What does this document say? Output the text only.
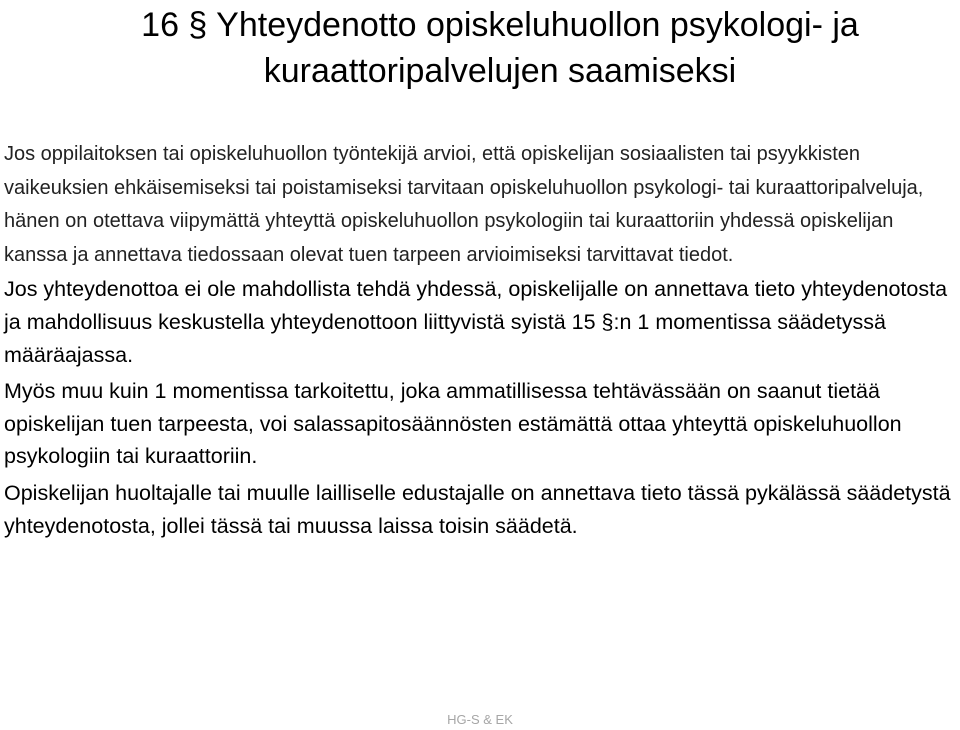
16 § Yhteydenotto opiskeluhuollon psykologi- ja
kuraattoripalvelujen saamiseksi

Jos oppilaitoksen tai opiskeluhuollon työntekijä arvioi, että opiskelijan sosiaalisten tai psyykkisten vaikeuksien ehkäisemiseksi tai poistamiseksi tarvitaan opiskeluhuollon psykologi- tai kuraattoripalveluja, hänen on otettava viipymättä yhteyttä opiskeluhuollon psykologiin tai kuraattoriin yhdessä opiskelijan kanssa ja annettava tiedossaan olevat tuen tarpeen arvioimiseksi tarvittavat tiedot.

Jos yhteydenottoa ei ole mahdollista tehdä yhdessä, opiskelijalle on annettava tieto yhteydenotosta ja mahdollisuus keskustella yhteydenottoon liittyvistä syistä 15 §:n 1 momentissa säädetyssä määräajassa.

Myös muu kuin 1 momentissa tarkoitettu, joka ammatillisessa tehtävässään on saanut tietää opiskelijan tuen tarpeesta, voi salassapitosäännösten estämättä ottaa yhteyttä opiskeluhuollon psykologiin tai kuraattoriin.

Opiskelijan huoltajalle tai muulle lailliselle edustajalle on annettava tieto tässä pykälässä säädetystä yhteydenotosta, jollei tässä tai muussa laissa toisin säädetä.

HG-S & EK
